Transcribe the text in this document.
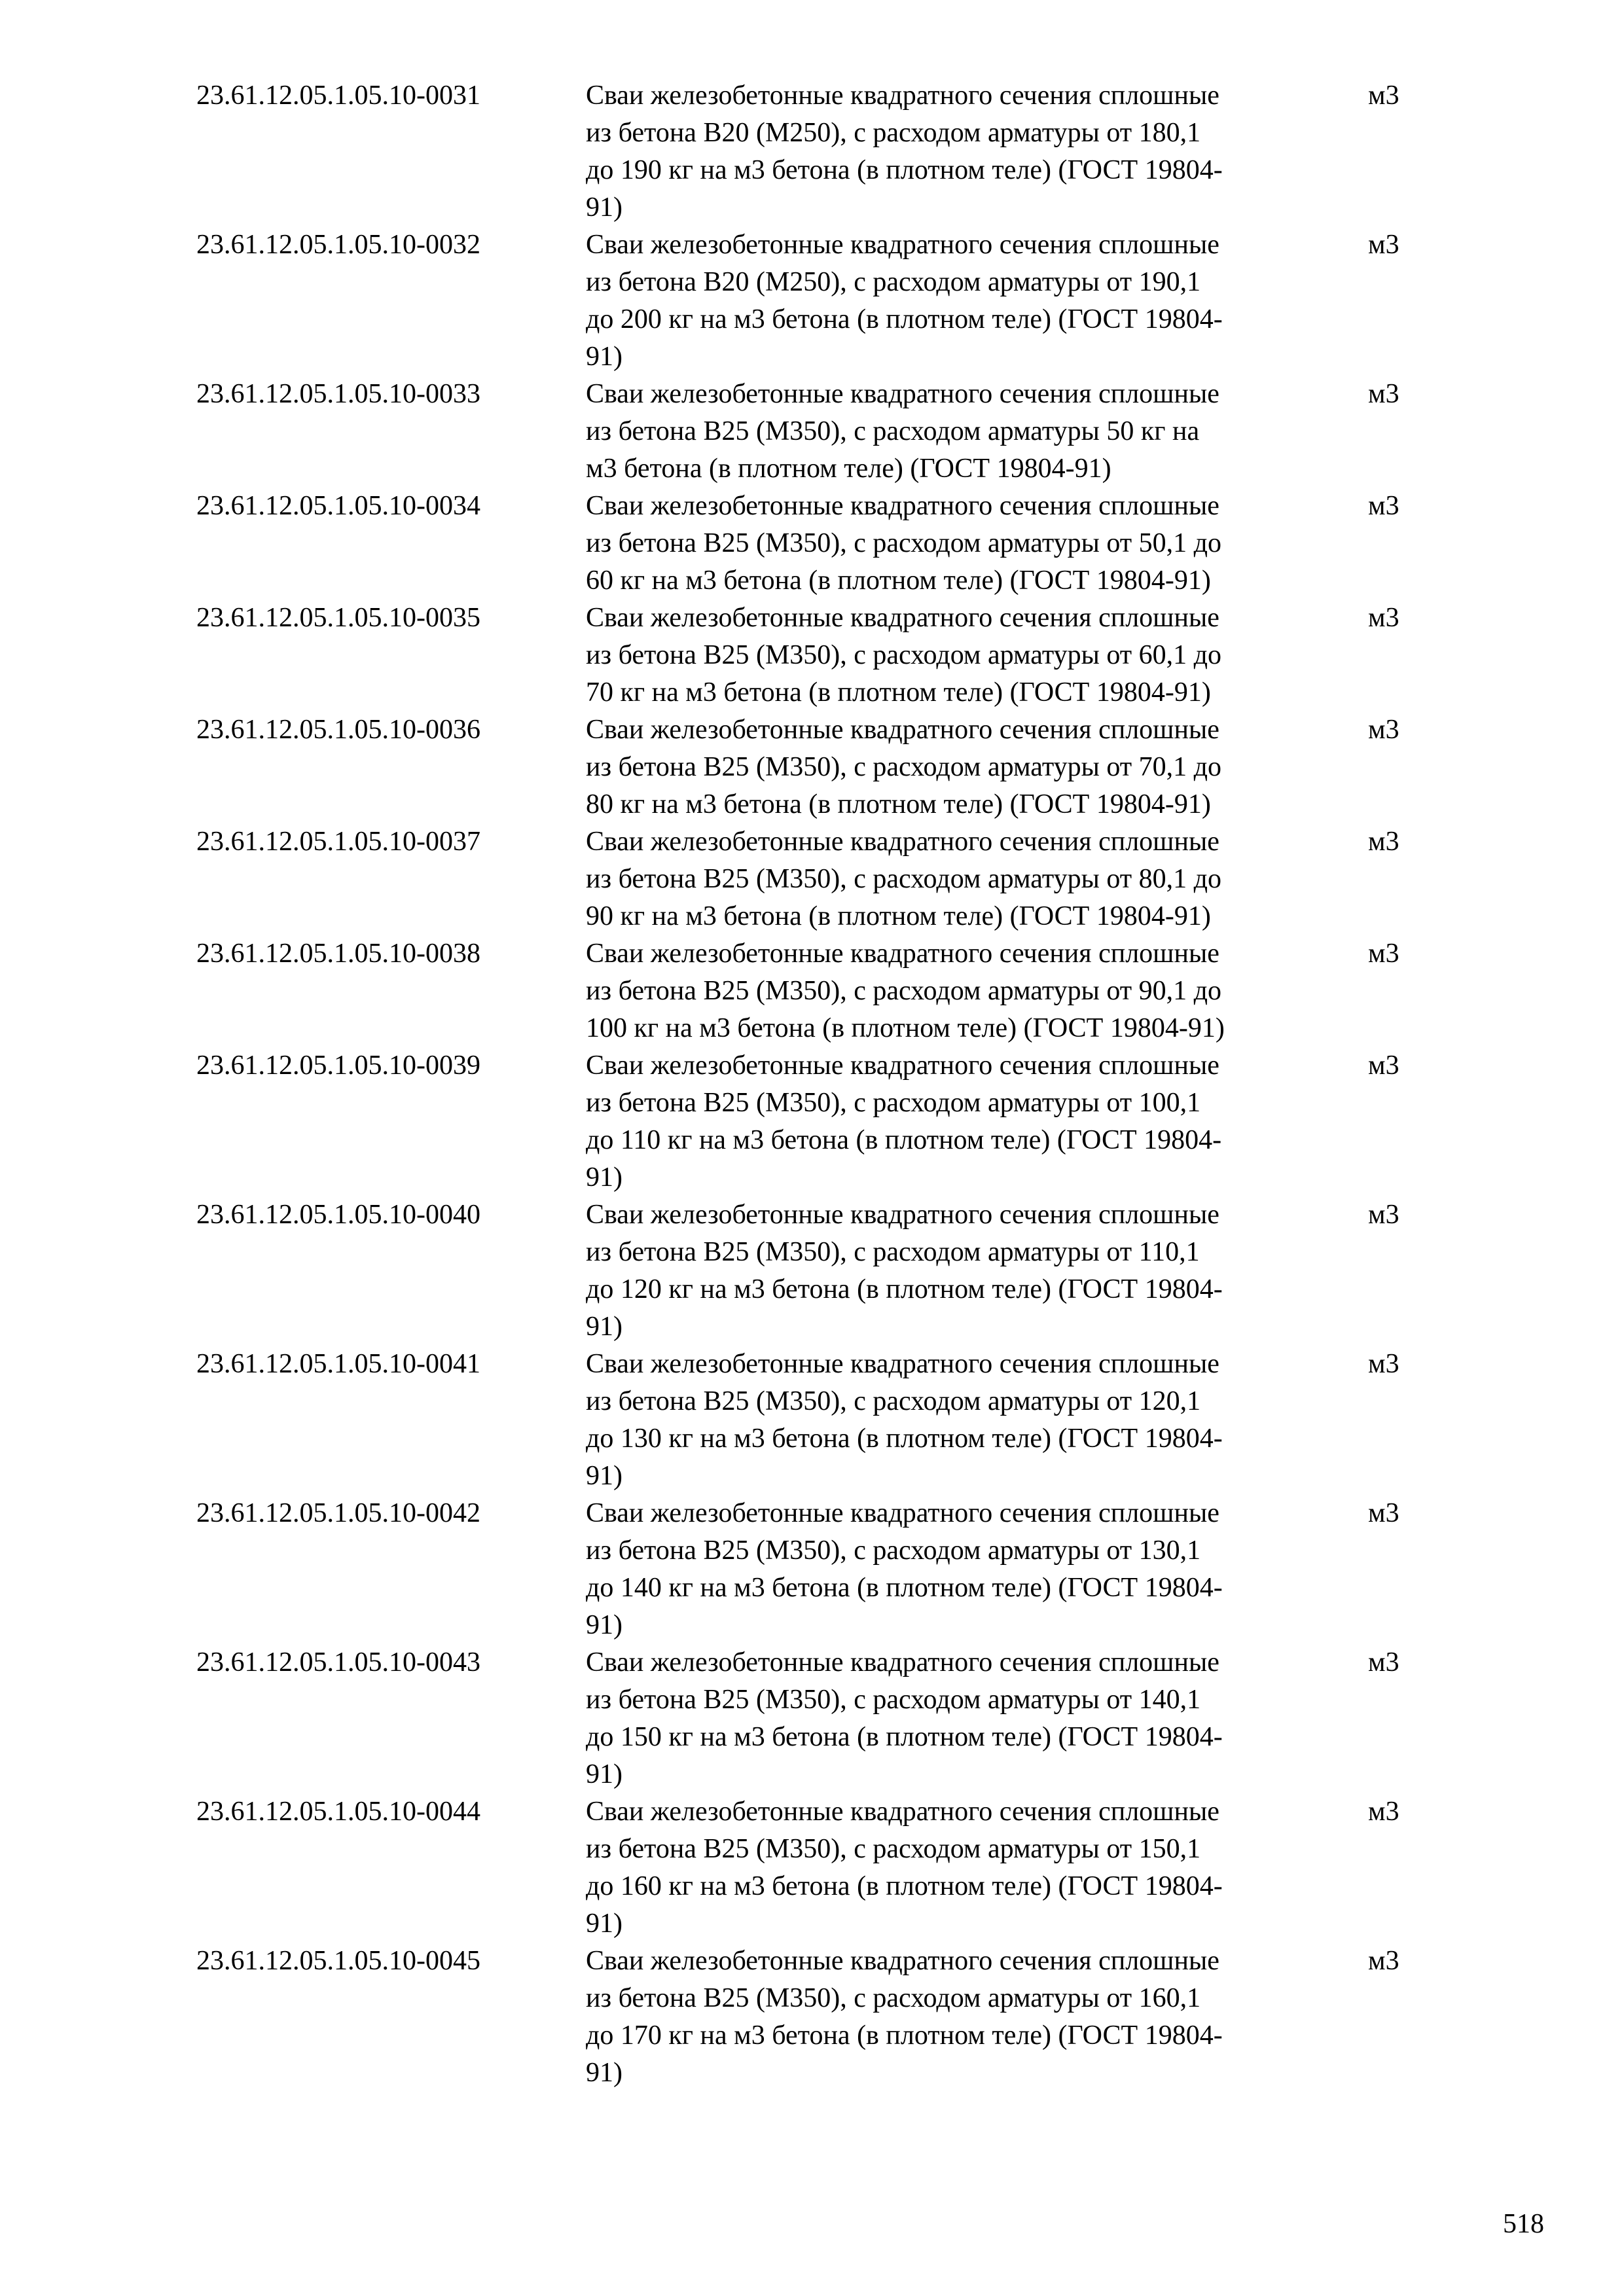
23.61.12.05.1.05.10-0031	Сваи железобетонные квадратного сечения сплошные
из бетона В20 (М250), с расходом арматуры от 180,1
до 190 кг на м3 бетона (в плотном теле) (ГОСТ 19804-
91)
м3
23.61.12.05.1.05.10-0032	Сваи железобетонные квадратного сечения сплошные
из бетона В20 (М250), с расходом арматуры от 190,1
до 200 кг на м3 бетона (в плотном теле) (ГОСТ 19804-
91)
м3
23.61.12.05.1.05.10-0033	Сваи железобетонные квадратного сечения сплошные
из бетона В25 (М350), с расходом арматуры 50 кг на
м3 бетона (в плотном теле) (ГОСТ 19804-91)
м3
23.61.12.05.1.05.10-0034	Сваи железобетонные квадратного сечения сплошные
из бетона В25 (М350), с расходом арматуры от 50,1 до
60 кг на м3 бетона (в плотном теле) (ГОСТ 19804-91)
м3
23.61.12.05.1.05.10-0035	Сваи железобетонные квадратного сечения сплошные
из бетона В25 (М350), с расходом арматуры от 60,1 до
70 кг на м3 бетона (в плотном теле) (ГОСТ 19804-91)
м3
23.61.12.05.1.05.10-0036	Сваи железобетонные квадратного сечения сплошные
из бетона В25 (М350), с расходом арматуры от 70,1 до
80 кг на м3 бетона (в плотном теле) (ГОСТ 19804-91)
м3
23.61.12.05.1.05.10-0037	Сваи железобетонные квадратного сечения сплошные
из бетона В25 (М350), с расходом арматуры от 80,1 до
90 кг на м3 бетона (в плотном теле) (ГОСТ 19804-91)
м3
23.61.12.05.1.05.10-0038	Сваи железобетонные квадратного сечения сплошные
из бетона В25 (М350), с расходом арматуры от 90,1 до
100 кг на м3 бетона (в плотном теле) (ГОСТ 19804-91)
м3
23.61.12.05.1.05.10-0039	Сваи железобетонные квадратного сечения сплошные
из бетона В25 (М350), с расходом арматуры от 100,1
до 110 кг на м3 бетона (в плотном теле) (ГОСТ 19804-
91)
м3
23.61.12.05.1.05.10-0040	Сваи железобетонные квадратного сечения сплошные
из бетона В25 (М350), с расходом арматуры от 110,1
до 120 кг на м3 бетона (в плотном теле) (ГОСТ 19804-
91)
м3
23.61.12.05.1.05.10-0041	Сваи железобетонные квадратного сечения сплошные
из бетона В25 (М350), с расходом арматуры от 120,1
до 130 кг на м3 бетона (в плотном теле) (ГОСТ 19804-
91)
м3
23.61.12.05.1.05.10-0042	Сваи железобетонные квадратного сечения сплошные
из бетона В25 (М350), с расходом арматуры от 130,1
до 140 кг на м3 бетона (в плотном теле) (ГОСТ 19804-
91)
м3
23.61.12.05.1.05.10-0043	Сваи железобетонные квадратного сечения сплошные
из бетона В25 (М350), с расходом арматуры от 140,1
до 150 кг на м3 бетона (в плотном теле) (ГОСТ 19804-
91)
м3
23.61.12.05.1.05.10-0044	Сваи железобетонные квадратного сечения сплошные
из бетона В25 (М350), с расходом арматуры от 150,1
до 160 кг на м3 бетона (в плотном теле) (ГОСТ 19804-
91)
м3
23.61.12.05.1.05.10-0045	Сваи железобетонные квадратного сечения сплошные
из бетона В25 (М350), с расходом арматуры от 160,1
до 170 кг на м3 бетона (в плотном теле) (ГОСТ 19804-
91)
м3
518
